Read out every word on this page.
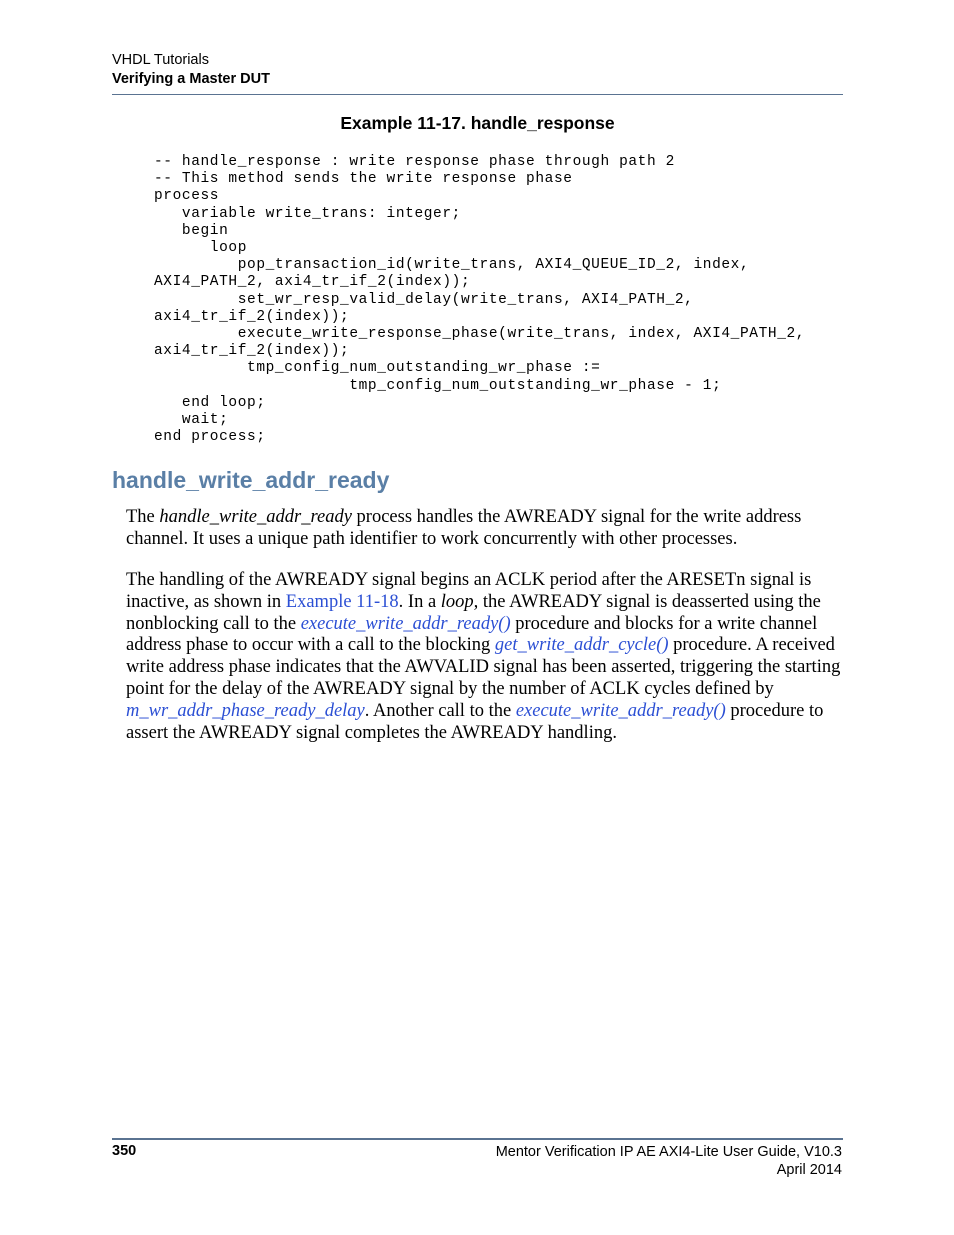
VHDL Tutorials
Verifying a Master DUT
Example 11-17. handle_response
-- handle_response : write response phase through path 2
-- This method sends the write response phase
process
variable write_trans: integer;
begin
loop
pop_transaction_id(write_trans, AXI4_QUEUE_ID_2, index,
AXI4_PATH_2, axi4_tr_if_2(index));
set_wr_resp_valid_delay(write_trans, AXI4_PATH_2,
axi4_tr_if_2(index));
execute_write_response_phase(write_trans, index, AXI4_PATH_2,
axi4_tr_if_2(index));
tmp_config_num_outstanding_wr_phase :=
tmp_config_num_outstanding_wr_phase - 1;
end loop;
wait;
end process;
handle_write_addr_ready

The handle_write_addr_ready process handles the AWREADY signal for the write address channel. It uses a unique path identifier to work concurrently with other processes.

The handling of the AWREADY signal begins an ACLK period after the ARESETn signal is inactive, as shown in Example 11-18. In a loop, the AWREADY signal is deasserted using the nonblocking call to the execute_write_addr_ready() procedure and blocks for a write channel address phase to occur with a call to the blocking get_write_addr_cycle() procedure. A received write address phase indicates that the AWVALID signal has been asserted, triggering the starting point for the delay of the AWREADY signal by the number of ACLK cycles defined by m_wr_addr_phase_ready_delay. Another call to the execute_write_addr_ready() procedure to assert the AWREADY signal completes the AWREADY handling.

350	Mentor Verification IP AE AXI4-Lite User Guide, V10.3
April 2014
